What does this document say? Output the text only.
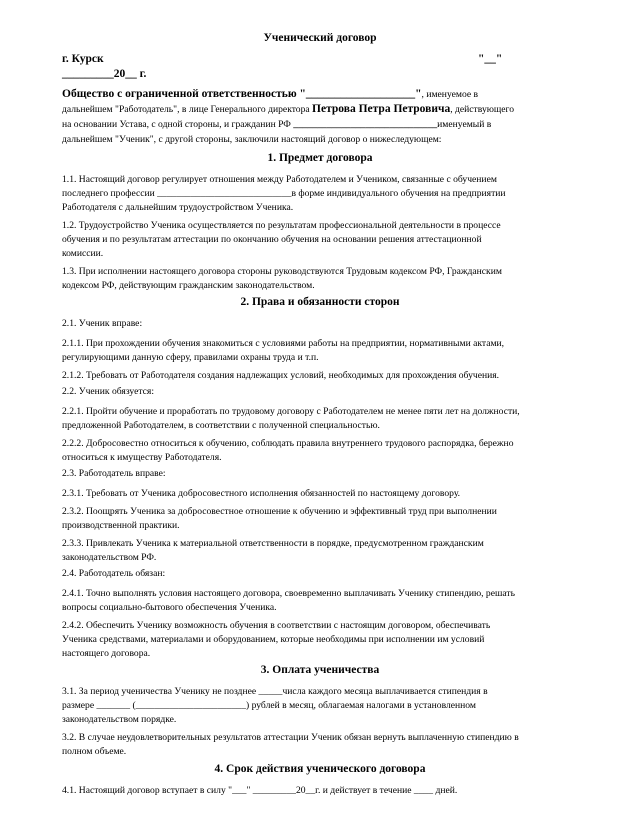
Ученический договор
г. Курск	"__"
_________20__ г.
Общество с ограниченной ответственностью "___________________", именуемое в
дальнейшем "Работодатель", в лице Генерального директора Петрова Петра Петровича, действующего
на основании Устава, с одной стороны, и гражданин РФ ______________________________именуемый в
дальнейшем "Ученик", с другой стороны, заключили настоящий договор о нижеследующем:
1. Предмет договора
1.1. Настоящий договор регулирует отношения между Работодателем и Учеником, связанные с обучением
последнего профессии ____________________________в форме индивидуального обучения на предприятии
Работодателя с дальнейшим трудоустройством Ученика.
1.2. Трудоустройство Ученика осуществляется по результатам профессиональной деятельности в процессе
обучения и по результатам аттестации по окончанию обучения на основании решения аттестационной
комиссии.
1.3. При исполнении настоящего договора стороны руководствуются Трудовым кодексом РФ, Гражданским
кодексом РФ, действующим гражданским законодательством.
2. Права и обязанности сторон
2.1. Ученик вправе:
2.1.1. При прохождении обучения знакомиться с условиями работы на предприятии, нормативными актами,
регулирующими данную сферу, правилами охраны труда и т.п.
2.1.2. Требовать от Работодателя создания надлежащих условий, необходимых для прохождения обучения.
2.2. Ученик обязуется:
2.2.1. Пройти обучение и проработать по трудовому договору с Работодателем не менее пяти лет на должности,
предложенной Работодателем, в соответствии с полученной специальностью.
2.2.2. Добросовестно относиться к обучению, соблюдать правила внутреннего трудового распорядка, бережно
относиться к имуществу Работодателя.
2.3. Работодатель вправе:
2.3.1. Требовать от Ученика добросовестного исполнения обязанностей по настоящему договору.
2.3.2. Поощрять Ученика за добросовестное отношение к обучению и эффективный труд при выполнении
производственной практики.
2.3.3. Привлекать Ученика к материальной ответственности в порядке, предусмотренном гражданским
законодательством РФ.
2.4. Работодатель обязан:
2.4.1. Точно выполнять условия настоящего договора, своевременно выплачивать Ученику стипендию, решать
вопросы социально-бытового обеспечения Ученика.
2.4.2. Обеспечить Ученику возможность обучения в соответствии с настоящим договором, обеспечивать
Ученика средствами, материалами и оборудованием, которые необходимы при исполнении им условий
настоящего договора.
3. Оплата ученичества
3.1. За период ученичества Ученику не позднее _____числа каждого месяца выплачивается стипендия в
размере _______ (_______________________) рублей в месяц, облагаемая налогами в установленном
законодательством порядке.
3.2. В случае неудовлетворительных результатов аттестации Ученик обязан вернуть выплаченную стипендию в
полном объеме.
4. Срок действия ученического договора
4.1. Настоящий договор вступает в силу "___" _________20__г. и действует в течение ____ дней.
